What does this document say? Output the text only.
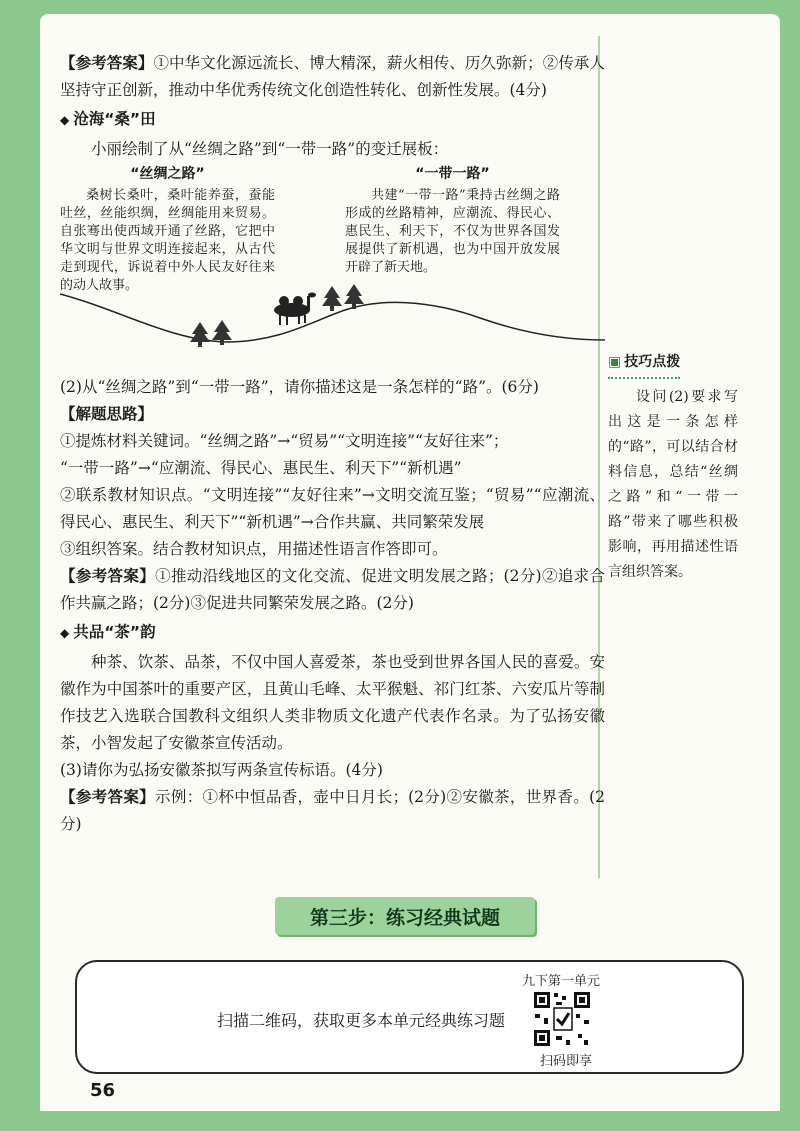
【参考答案】①中华文化源远流长、博大精深，薪火相传、历久弥新；②传承人坚持守正创新，推动中华优秀传统文化创造性转化、创新性发展。(4分)

◆ 沧海“桑”田

小丽绘制了从“丝绸之路”到“一带一路”的变迁展板：

“丝绸之路”
桑树长桑叶，桑叶能养蚕，蚕能吐丝，丝能织绸，丝绸能用来贸易。自张骞出使西域开通了丝路，它把中华文明与世界文明连接起来，从古代走到现代，诉说着中外人民友好往来的动人故事。
“一带一路”
共建“一带一路”秉持古丝绸之路形成的丝路精神，应潮流、得民心、惠民生、利天下，不仅为世界各国发展提供了新机遇，也为中国开放发展开辟了新天地。

(2)从“丝绸之路”到“一带一路”，请你描述这是一条怎样的“路”。(6分)

【解题思路】

①提炼材料关键词。“丝绸之路”→“贸易”“文明连接”“友好往来”；

“一带一路”→“应潮流、得民心、惠民生、利天下”“新机遇”

②联系教材知识点。“文明连接”“友好往来”→文明交流互鉴；“贸易”“应潮流、得民心、惠民生、利天下”“新机遇”→合作共赢、共同繁荣发展

③组织答案。结合教材知识点，用描述性语言作答即可。

【参考答案】①推动沿线地区的文化交流、促进文明发展之路；(2分)②追求合作共赢之路；(2分)③促进共同繁荣发展之路。(2分)

◆ 共品“茶”韵

种茶、饮茶、品茶，不仅中国人喜爱茶，茶也受到世界各国人民的喜爱。安徽作为中国茶叶的重要产区，且黄山毛峰、太平猴魁、祁门红茶、六安瓜片等制作技艺入选联合国教科文组织人类非物质文化遗产代表作名录。为了弘扬安徽茶，小智发起了安徽茶宣传活动。

(3)请你为弘扬安徽茶拟写两条宣传标语。(4分)

【参考答案】示例：①杯中恒品香，壶中日月长；(2分)②安徽茶，世界香。(2分)

▣ 技巧点拨
设问(2)要求写出这是一条怎样的“路”，可以结合材料信息，总结“丝绸之路”和“一带一路”带来了哪些积极影响，再用描述性语言组织答案。
第三步：练习经典试题
扫描二维码，获取更多本单元经典练习题
九下第一单元
扫码即享
56
